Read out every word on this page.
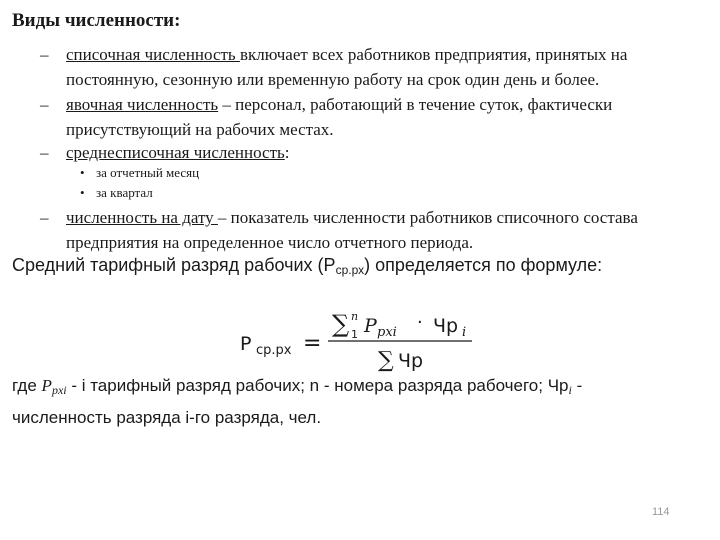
Виды численности:
– списочная численность включает всех работников предприятия, принятых на
постоянную, сезонную или временную работу на срок один день и более.
– явочная численность – персонал, работающий в течение суток, фактически
присутствующий на рабочих местах.
– среднесписочная численность:
• за отчетный месяц
• за квартал
– численность на дату – показатель численности работников списочного состава
предприятия на определенное число отчетного периода.
Средний тарифный разряд рабочих (Рср.рх) определяется по формуле:
Р ср.рх =
∑ 1
n P pxi · Чр i
∑ Чр
где Ppxi - i тарифный разряд рабочих; n - номера разряда рабочего; Чрi -
численность разряда i-го разряда, чел.
114
